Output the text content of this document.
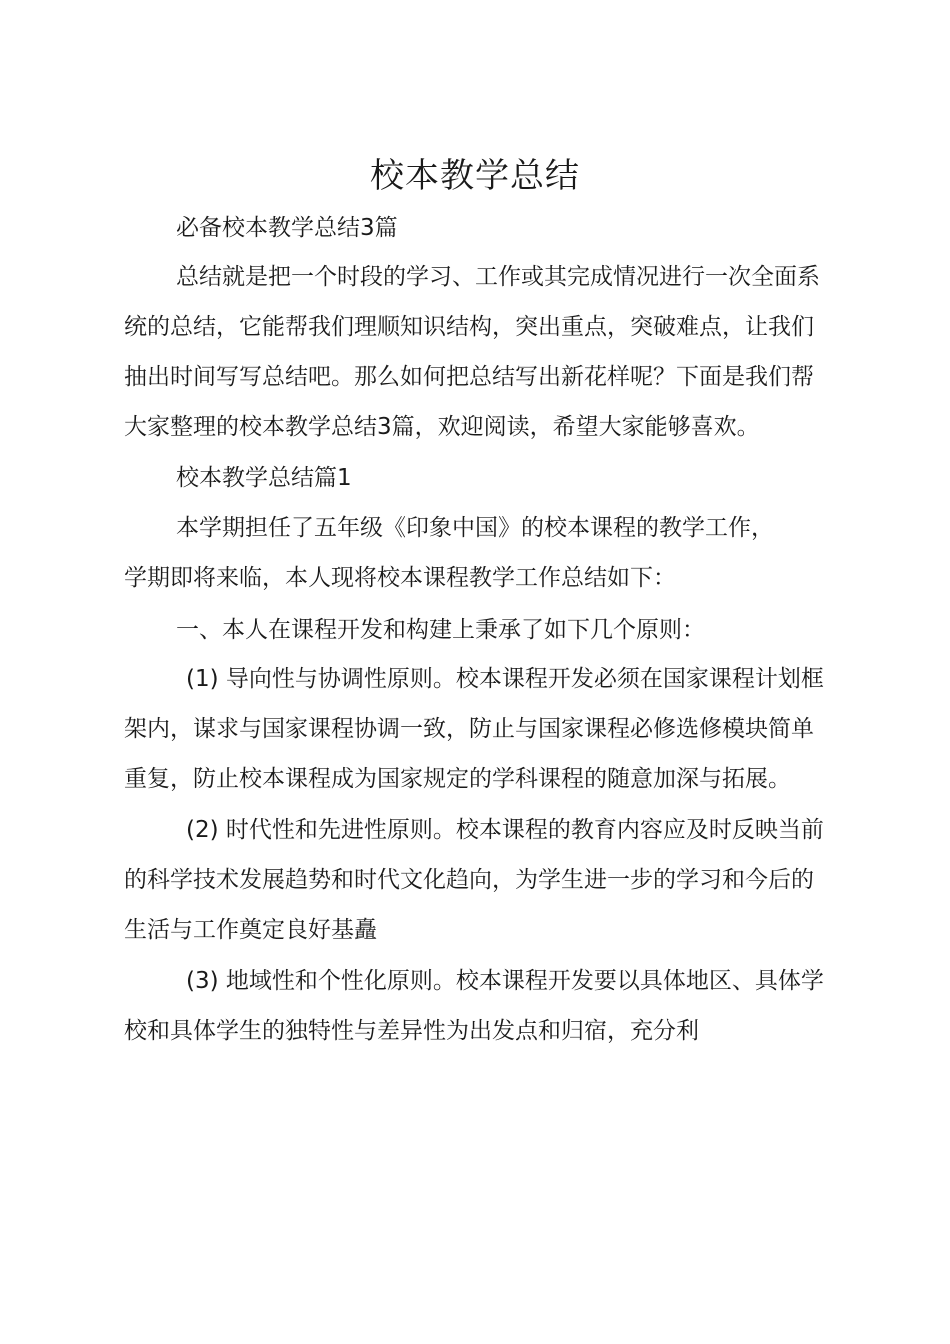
校本教学总结
必备校本教学总结3篇
总结就是把一个时段的学习、工作或其完成情况进行一次全面系
统的总结，它能帮我们理顺知识结构，突出重点，突破难点，让我们
抽出时间写写总结吧。那么如何把总结写出新花样呢？下面是我们帮
大家整理的校本教学总结3篇，欢迎阅读，希望大家能够喜欢。
校本教学总结篇1
本学期担任了五年级《印象中国》的校本课程的教学工作，
学期即将来临，本人现将校本课程教学工作总结如下：
一、本人在课程开发和构建上秉承了如下几个原则：
(1) 导向性与协调性原则。校本课程开发必须在国家课程计划框
架内，谋求与国家课程协调一致，防止与国家课程必修选修模块简单
重复，防止校本课程成为国家规定的学科课程的随意加深与拓展。
(2) 时代性和先进性原则。校本课程的教育内容应及时反映当前
的科学技术发展趋势和时代文化趋向，为学生进一步的学习和今后的
生活与工作奠定良好基矗
(3) 地域性和个性化原则。校本课程开发要以具体地区、具体学
校和具体学生的独特性与差异性为出发点和归宿，充分利
